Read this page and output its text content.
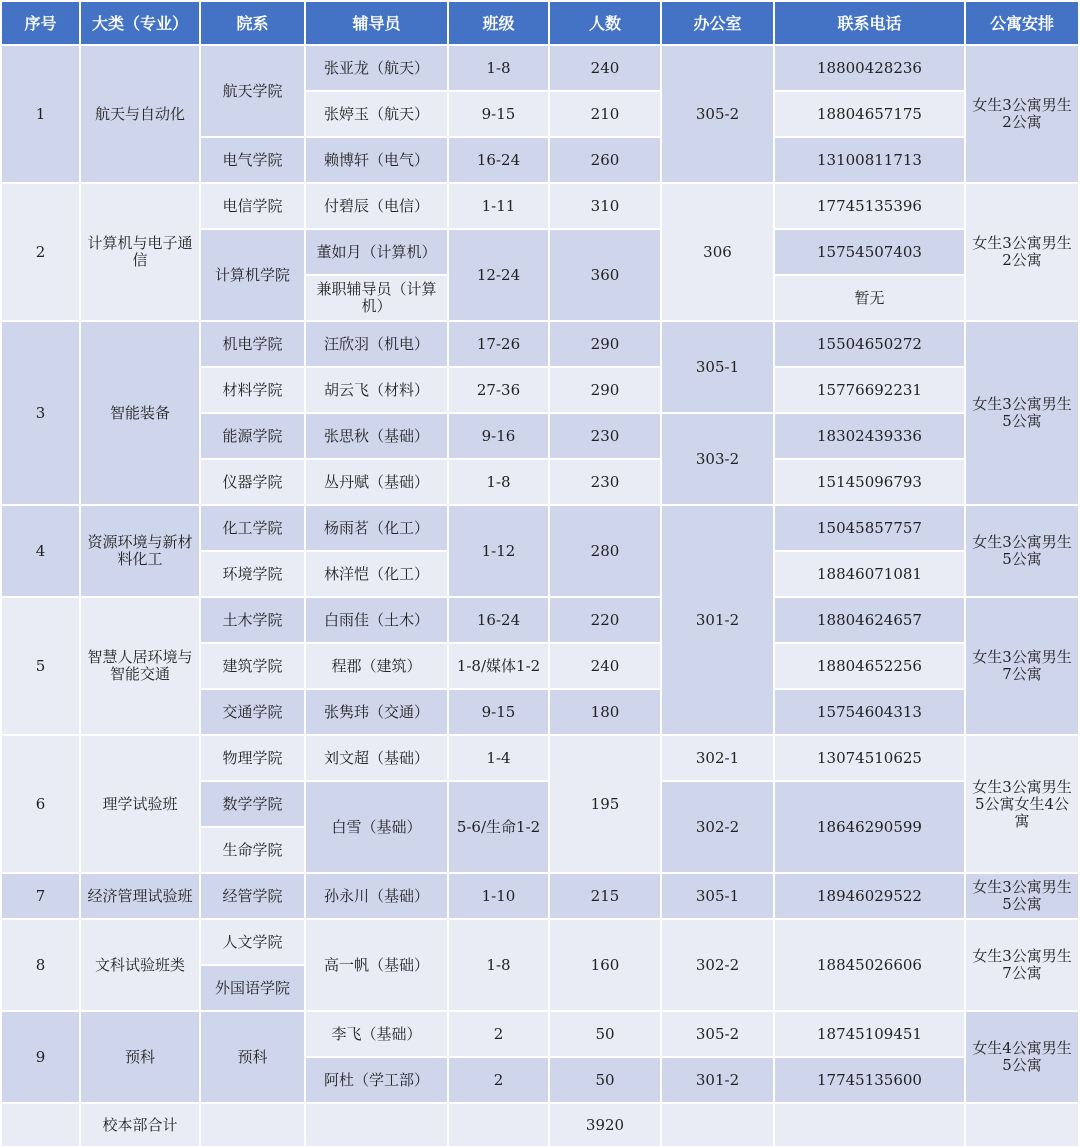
序号	大类（专业）	院系	辅导员	班级	人数	办公室	联系电话	公寓安排
1	航天与自动化	航天学院	张亚龙（航天）	1-8	240	305-2	18800428236	女生3公寓男生2公寓
			张婷玉（航天）	9-15	210		18804657175	
		电气学院	赖博轩（电气）	16-24	260		13100811713	
2	计算机与电子通信	电信学院	付碧辰（电信）	1-11	310	306	17745135396	女生3公寓男生2公寓
		计算机学院	董如月（计算机）	12-24	360		15754507403	
			兼职辅导员（计算机）				暂无	
3	智能装备	机电学院	汪欣羽（机电）	17-26	290	305-1	15504650272	女生3公寓男生5公寓
		材料学院	胡云飞（材料）	27-36	290		15776692231	
		能源学院	张思秋（基础）	9-16	230	303-2	18302439336	
		仪器学院	丛丹赋（基础）	1-8	230		15145096793	
4	资源环境与新材料化工	化工学院	杨雨茗（化工）	1-12	280	301-2	15045857757	女生3公寓男生5公寓
		环境学院	林洋恺（化工）				18846071081	
5	智慧人居环境与智能交通	土木学院	白雨佳（土木）	16-24	220		18804624657	女生3公寓男生7公寓
		建筑学院	程郡（建筑）	1-8/媒体1-2	240		18804652256	
		交通学院	张隽玮（交通）	9-15	180		15754604313	
6	理学试验班	物理学院	刘文超（基础）	1-4	195	302-1	13074510625	女生3公寓男生5公寓女生4公寓
		数学学院	白雪（基础）	5-6/生命1-2		302-2	18646290599	
		生命学院						
7	经济管理试验班	经管学院	孙永川（基础）	1-10	215	305-1	18946029522	女生3公寓男生5公寓
8	文科试验班类	人文学院	高一帆（基础）	1-8	160	302-2	18845026606	女生3公寓男生7公寓
		外国语学院						
9	预科	预科	李飞（基础）	2	50	305-2	18745109451	女生4公寓男生5公寓
			阿杜（学工部）	2	50	301-2	17745135600	
	校本部合计				3920			
